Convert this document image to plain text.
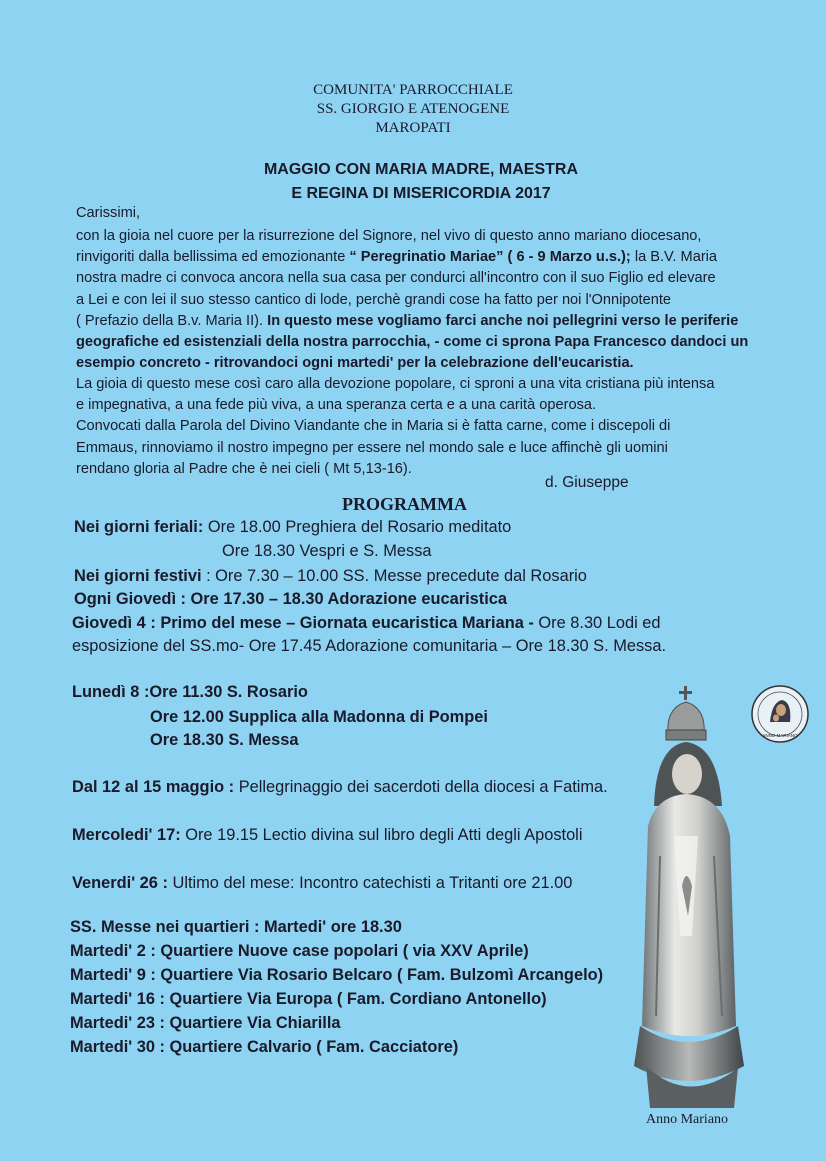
COMUNITA' PARROCCHIALE
SS. GIORGIO E ATENOGENE
MAROPATI
MAGGIO CON MARIA MADRE, MAESTRA
E REGINA DI MISERICORDIA 2017
Carissimi,
con la gioia nel cuore per la risurrezione del Signore, nel vivo di questo anno mariano diocesano,
rinvigoriti dalla bellissima ed emozionante “ Peregrinatio Mariae” ( 6 - 9 Marzo u.s.); la B.V. Maria
nostra madre ci convoca ancora nella sua casa per condurci all'incontro con il suo Figlio ed elevare
a Lei e con lei il suo stesso cantico di lode, perchè grandi cose ha fatto per noi l'Onnipotente
( Prefazio della B.v. Maria II). In questo mese vogliamo farci anche noi pellegrini verso le periferie
geografiche ed esistenziali della nostra parrocchia, - come ci sprona Papa Francesco dandoci un
esempio concreto - ritrovandoci ogni martedi' per la celebrazione dell'eucaristia.
La gioia di questo mese così caro alla devozione popolare, ci sproni a una vita cristiana più intensa
e impegnativa, a una fede più viva, a una speranza certa e a una carità operosa.
Convocati dalla Parola del Divino Viandante che in Maria si è fatta carne, come i discepoli di
Emmaus, rinnoviamo il nostro impegno per essere nel mondo sale e luce affinchè gli uomini
rendano gloria al Padre che è nei cieli ( Mt 5,13-16).
d. Giuseppe
PROGRAMMA
Nei giorni feriali: Ore 18.00 Preghiera del Rosario meditato
Ore 18.30 Vespri e S. Messa
Nei giorni festivi : Ore 7.30 – 10.00 SS. Messe precedute dal Rosario
Ogni Giovedì : Ore 17.30 – 18.30 Adorazione eucaristica
Giovedì 4 : Primo del mese – Giornata eucaristica Mariana - Ore 8.30 Lodi ed
esposizione del SS.mo- Ore 17.45 Adorazione comunitaria – Ore 18.30 S. Messa.
Lunedì 8 :Ore 11.30 S. Rosario
Ore 12.00 Supplica alla Madonna di Pompei
Ore 18.30 S. Messa
Dal 12 al 15 maggio : Pellegrinaggio dei sacerdoti della diocesi a Fatima.
Mercoledi' 17: Ore 19.15 Lectio divina sul libro degli Atti degli Apostoli
Venerdi' 26 : Ultimo del mese: Incontro catechisti a Tritanti ore 21.00
SS. Messe nei quartieri : Martedi' ore 18.30
Martedi' 2 : Quartiere Nuove case popolari ( via XXV Aprile)
Martedi' 9 : Quartiere Via Rosario Belcaro ( Fam. Bulzomì Arcangelo)
Martedi' 16 : Quartiere Via Europa ( Fam. Cordiano Antonello)
Martedi' 23 : Quartiere Via Chiarilla
Martedi' 30 : Quartiere Calvario ( Fam. Cacciatore)
ANNO MARIANO
Anno Mariano
